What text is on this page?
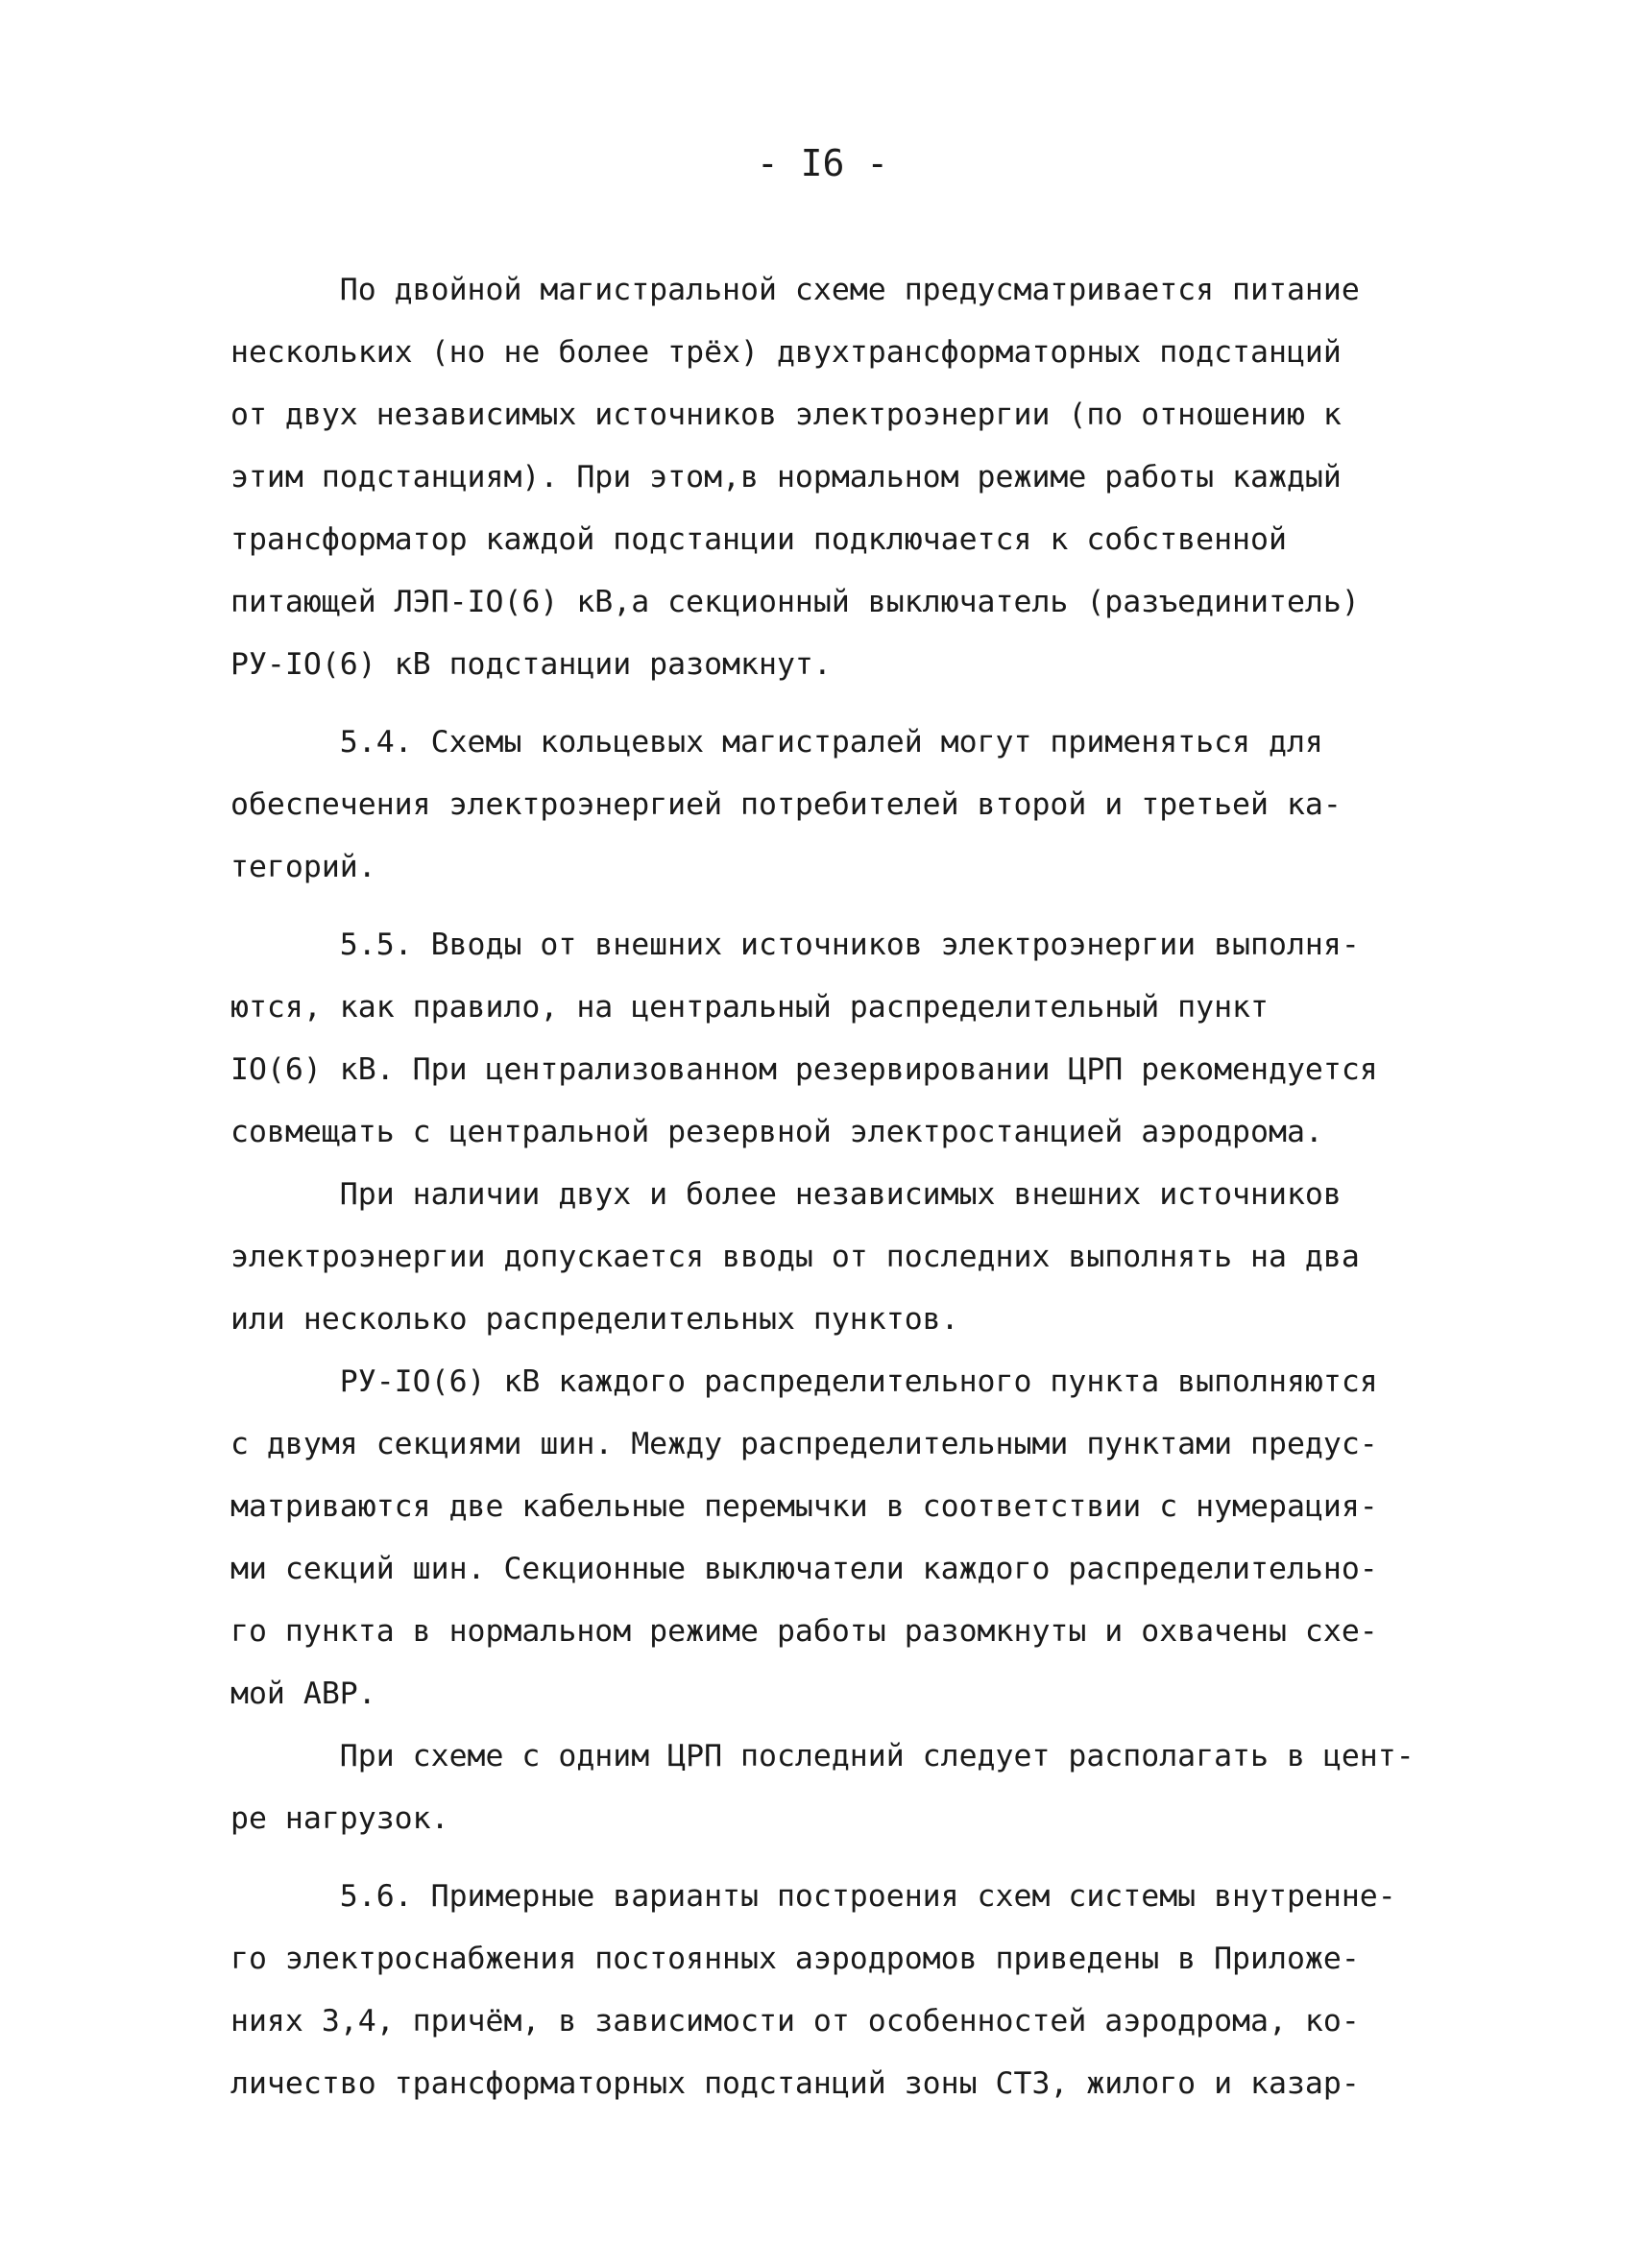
- I6 -

По двойной магистральной схеме предусматривается питание

нескольких (но не более трёх) двухтрансформаторных подстанций

от двух независимых источников электроэнергии (по отношению к

этим подстанциям). При этом,в нормальном режиме работы каждый

трансформатор каждой подстанции подключается к собственной

питающей ЛЭП-IO(6) кВ,а секционный выключатель (разъединитель)

РУ-IO(6) кВ подстанции разомкнут.

5.4. Схемы кольцевых магистралей могут применяться для

обеспечения электроэнергией потребителей второй и третьей ка-

тегорий.

5.5. Вводы от внешних источников электроэнергии выполня-

ются, как правило, на центральный распределительный пункт

IO(6) кВ. При централизованном резервировании ЦРП рекомендуется

совмещать с центральной резервной электростанцией аэродрома.

При наличии двух и более независимых внешних источников

электроэнергии допускается вводы от последних выполнять на два

или несколько распределительных пунктов.

РУ-IO(6) кВ каждого распределительного пункта выполняются

с двумя секциями шин. Между распределительными пунктами предус-

матриваются две кабельные перемычки в соответствии с нумерация-

ми секций шин. Секционные выключатели каждого распределительно-

го пункта в нормальном режиме работы разомкнуты и охвачены схе-

мой АВР.

При схеме с одним ЦРП последний следует располагать в цент-

ре нагрузок.

5.6. Примерные варианты построения схем системы внутренне-

го электроснабжения постоянных аэродромов приведены в Приложе-

ниях 3,4, причём, в зависимости от особенностей аэродрома, ко-

личество трансформаторных подстанций зоны СТЗ, жилого и казар-
